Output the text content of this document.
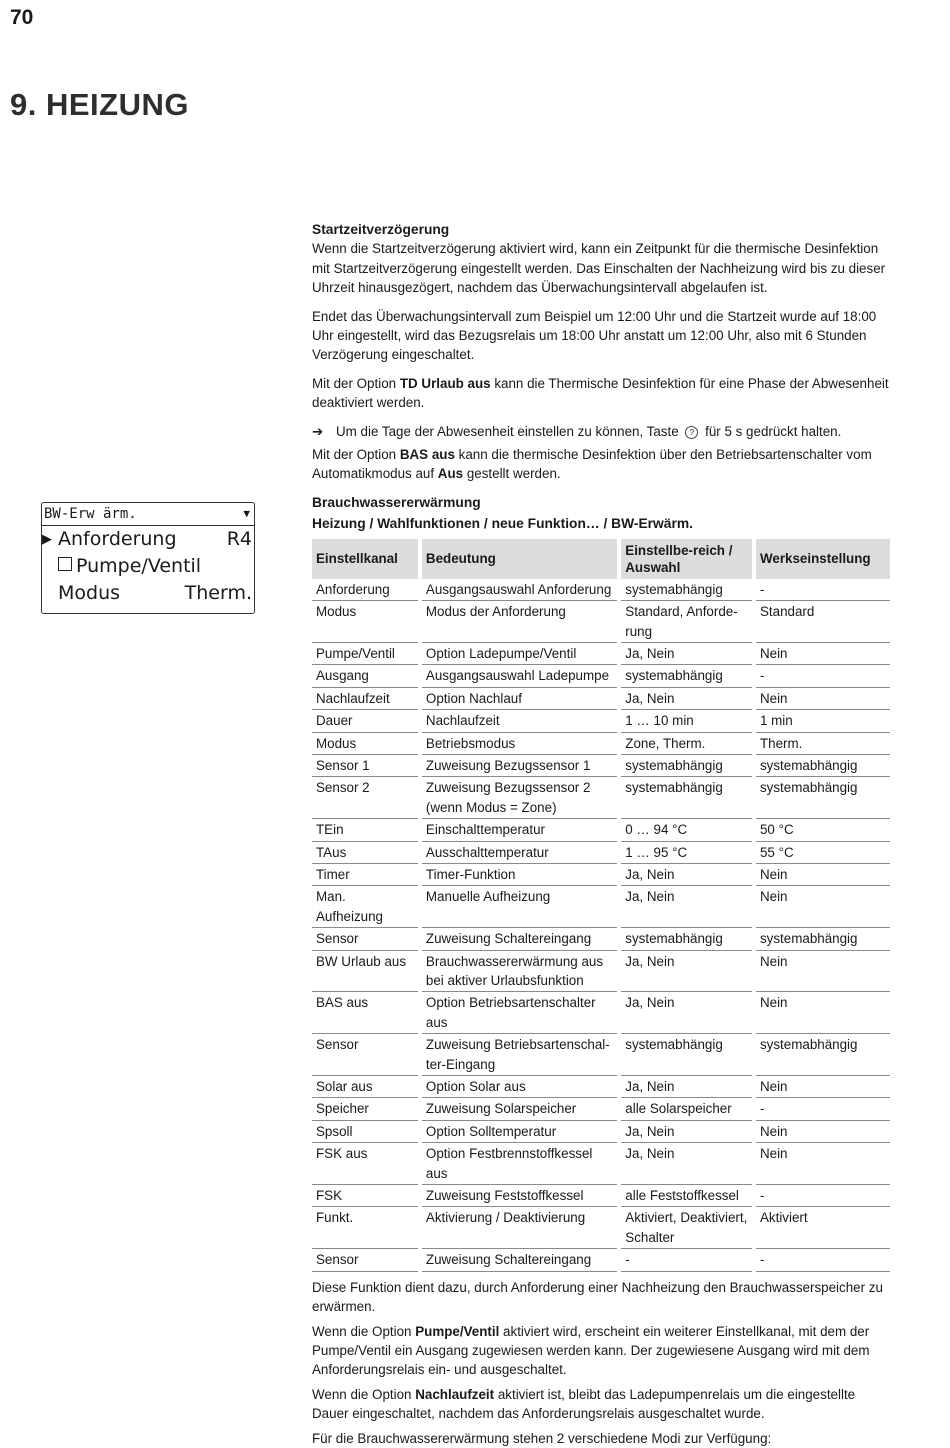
70
9. HEIZUNG
BW-Erw ärm.	▼
▶ Anforderung	R4
Pumpe/Ventil
Modus	Therm.

Startzeitverzögerung

Wenn die Startzeitverzögerung aktiviert wird, kann ein Zeitpunkt für die thermische Desinfektion mit Startzeitverzögerung eingestellt werden. Das Einschalten der Nachheizung wird bis zu dieser Uhrzeit hinausgezögert, nachdem das Überwachungsintervall abgelaufen ist.

Endet das Überwachungsintervall zum Beispiel um 12:00 Uhr und die Startzeit wurde auf 18:00 Uhr eingestellt, wird das Bezugsrelais um 18:00 Uhr anstatt um 12:00 Uhr, also mit 6 Stunden Verzögerung eingeschaltet.

Mit der Option TD Urlaub aus kann die Thermische Desinfektion für eine Phase der Abwesenheit deaktiviert werden.

➔ Um die Tage der Abwesenheit einstellen zu können, Taste ? für 5 s gedrückt halten.

Mit der Option BAS aus kann die thermische Desinfektion über den Betriebsartenschalter vom Automatikmodus auf Aus gestellt werden.

Brauchwassererwärmung

Heizung / Wahlfunktionen / neue Funktion… / BW-Erwärm.

Einstellkanal	Bedeutung	Einstellbe-reich / Auswahl	Werkseinstellung
Anforderung	Ausgangsauswahl Anforderung	systemabhängig	-
Modus	Modus der Anforderung	Standard, Anforde-rung	Standard
Pumpe/Ventil	Option Ladepumpe/Ventil	Ja, Nein	Nein
Ausgang	Ausgangsauswahl Ladepumpe	systemabhängig	-
Nachlaufzeit	Option Nachlauf	Ja, Nein	Nein
Dauer	Nachlaufzeit	1 … 10 min	1 min
Modus	Betriebsmodus	Zone, Therm.	Therm.
Sensor 1	Zuweisung Bezugssensor 1	systemabhängig	systemabhängig
Sensor 2	Zuweisung Bezugssensor 2 (wenn Modus = Zone)	systemabhängig	systemabhängig
TEin	Einschalttemperatur	0 … 94 °C	50 °C
TAus	Ausschalttemperatur	1 … 95 °C	55 °C
Timer	Timer-Funktion	Ja, Nein	Nein
Man. Aufheizung	Manuelle Aufheizung	Ja, Nein	Nein
Sensor	Zuweisung Schaltereingang	systemabhängig	systemabhängig
BW Urlaub aus	Brauchwassererwärmung aus bei aktiver Urlaubsfunktion	Ja, Nein	Nein
BAS aus	Option Betriebsartenschalter aus	Ja, Nein	Nein
Sensor	Zuweisung Betriebsartenschal-ter-Eingang	systemabhängig	systemabhängig
Solar aus	Option Solar aus	Ja, Nein	Nein
Speicher	Zuweisung Solarspeicher	alle Solarspeicher	-
Spsoll	Option Solltemperatur	Ja, Nein	Nein
FSK aus	Option Festbrennstoffkessel aus	Ja, Nein	Nein
FSK	Zuweisung Feststoffkessel	alle Feststoffkessel	-
Funkt.	Aktivierung / Deaktivierung	Aktiviert, Deaktiviert, Schalter	Aktiviert
Sensor	Zuweisung Schaltereingang	-	-

Diese Funktion dient dazu, durch Anforderung einer Nachheizung den Brauchwasserspeicher zu erwärmen.

Wenn die Option Pumpe/Ventil aktiviert wird, erscheint ein weiterer Einstellkanal, mit dem der Pumpe/Ventil ein Ausgang zugewiesen werden kann. Der zugewiesene Ausgang wird mit dem Anforderungsrelais ein- und ausgeschaltet.

Wenn die Option Nachlaufzeit aktiviert ist, bleibt das Ladepumpenrelais um die eingestellte Dauer eingeschaltet, nachdem das Anforderungsrelais ausgeschaltet wurde.

Für die Brauchwassererwärmung stehen 2 verschiedene Modi zur Verfügung:
